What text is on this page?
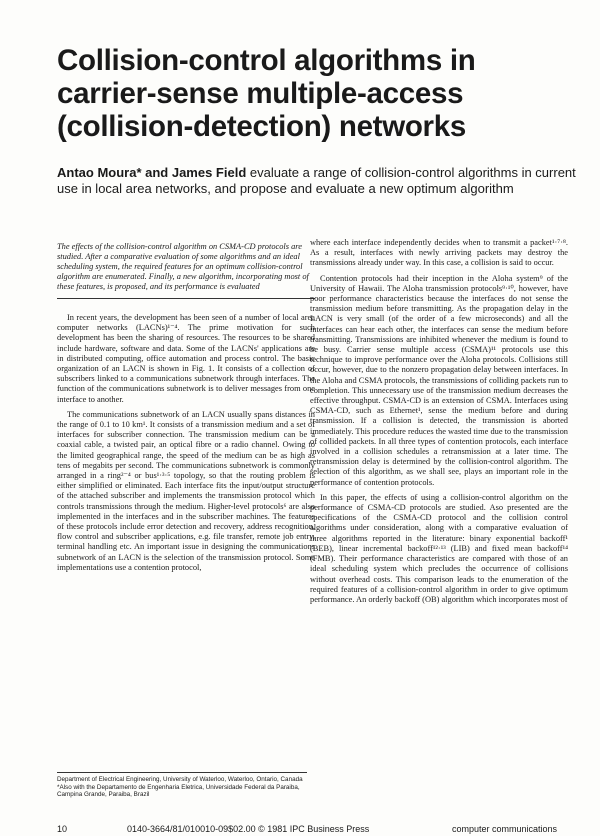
Collision-control algorithms in carrier-sense multiple-access (collision-detection) networks
Antao Moura* and James Field evaluate a range of collision-control algorithms in current use in local area networks, and propose and evaluate a new optimum algorithm

The effects of the collision-control algorithm on CSMA-CD protocols are studied. After a comparative evaluation of some algorithms and an ideal scheduling system, the required features for an optimum collision-control algorithm are enumerated. Finally, a new algorithm, incorporating most of these features, is proposed, and its performance is evaluated

In recent years, the development has been seen of a number of local area computer networks (LACNs)¹⁻⁴. The prime motivation for such development has been the sharing of resources. The resources to be shared include hardware, software and data. Some of the LACNs' applications are in distributed computing, office automation and process control. The basic organization of an LACN is shown in Fig. 1. It consists of a collection of subscribers linked to a communications subnetwork through interfaces. The function of the communications subnetwork is to deliver messages from one interface to another.

The communications subnetwork of an LACN usually spans distances in the range of 0.1 to 10 km¹. It consists of a transmission medium and a set of interfaces for subscriber connection. The transmission medium can be a coaxial cable, a twisted pair, an optical fibre or a radio channel. Owing to the limited geographical range, the speed of the medium can be as high as tens of megabits per second. The communications subnetwork is commonly arranged in a ring²⁻⁴ or bus¹·³·⁵ topology, so that the routing problem is either simplified or eliminated. Each interface fits the input/output structure of the attached subscriber and implements the transmission protocol which controls transmissions through the medium. Higher-level protocols⁶ are also implemented in the interfaces and in the subscriber machines. The features of these protocols include error detection and recovery, address recognition, flow control and subscriber applications, e.g. file transfer, remote job entry, terminal handling etc. An important issue in designing the communications subnetwork of an LACN is the selection of the transmission protocol. Some implementations use a contention protocol,

where each interface independently decides when to transmit a packet¹·⁷·⁸. As a result, interfaces with newly arriving packets may destroy the transmissions already under way. In this case, a collision is said to occur.

Contention protocols had their inception in the Aloha system⁹ of the University of Hawaii. The Aloha transmission protocols⁹·¹⁰, however, have poor performance characteristics because the interfaces do not sense the transmission medium before transmitting. As the propagation delay in the LACN is very small (of the order of a few microseconds) and all the interfaces can hear each other, the interfaces can sense the medium before transmitting. Transmissions are inhibited whenever the medium is found to be busy. Carrier sense multiple access (CSMA)¹¹ protocols use this technique to improve performance over the Aloha protocols. Collisions still occur, however, due to the nonzero propagation delay between interfaces. In the Aloha and CSMA protocols, the transmissions of colliding packets run to completion. This unnecessary use of the transmission medium decreases the effective throughput. CSMA-CD is an extension of CSMA. Interfaces using CSMA-CD, such as Ethernet¹, sense the medium before and during transmission. If a collision is detected, the transmission is aborted immediately. This procedure reduces the wasted time due to the transmission of collided packets. In all three types of contention protocols, each interface involved in a collision schedules a retransmission at a later time. The retransmission delay is determined by the collision-control algorithm. The selection of this algorithm, as we shall see, plays an important role in the performance of contention protocols.

In this paper, the effects of using a collision-control algorithm on the performance of CSMA-CD protocols are studied. Aso presented are the specifications of the CSMA-CD protocol and the collision control algorithms under consideration, along with a comparative evaluation of three algorithms reported in the literature: binary exponential backoff¹ (BEB), linear incremental backoff¹²·¹³ (LIB) and fixed mean backoff¹⁴ (FMB). Their performance characteristics are compared with those of an ideal scheduling system which precludes the occurrence of collisions without overhead costs. This comparison leads to the enumeration of the required features of a collision-control algorithm in order to give optimum performance. An orderly backoff (OB) algorithm which incorporates most of

Department of Electrical Engineering, University of Waterloo, Waterloo, Ontario, Canada

*Also with the Departamento de Engenharia Eletrica, Universidade Federal da Paraiba, Campina Grande, Paraiba, Brazil

10	0140-3664/81/010010-09$02.00 © 1981 IPC Business Press	computer communications
